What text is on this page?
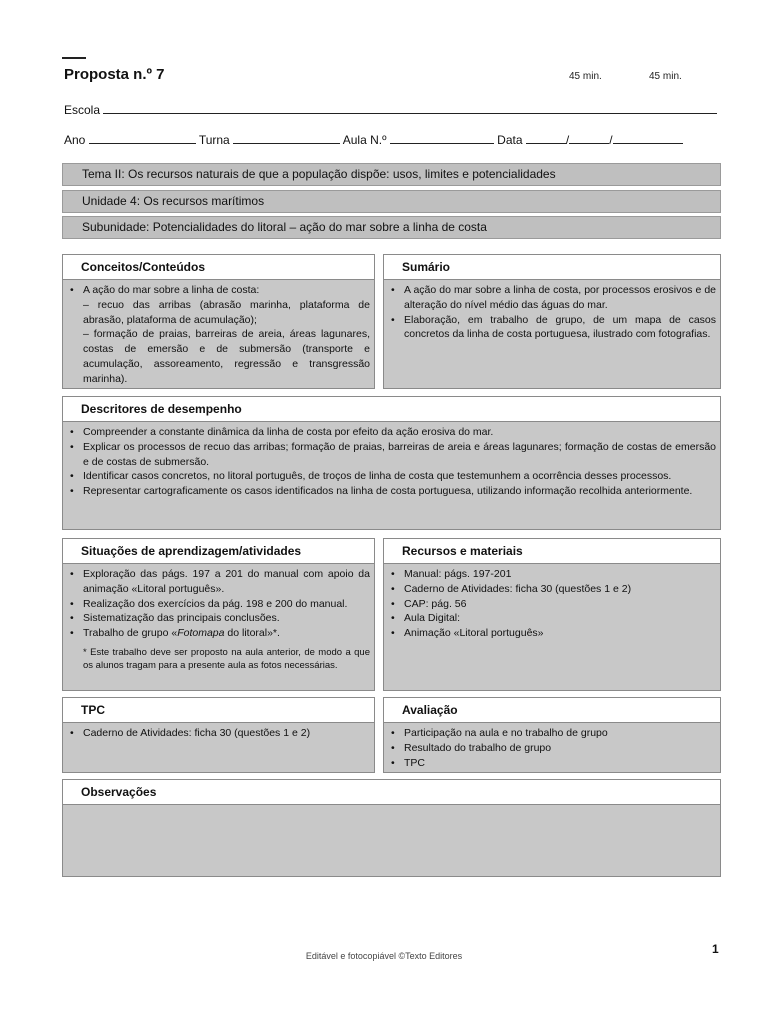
Proposta n.º 7	45 min.	45 min.
Escola
Ano	Turna	Aula N.º	Data	/	/
Tema II: Os recursos naturais de que a população dispõe: usos, limites e potencialidades
Unidade 4: Os recursos marítimos
Subunidade: Potencialidades do litoral – ação do mar sobre a linha de costa
Conceitos/Conteúdos
• A ação do mar sobre a linha de costa:
– recuo das arribas (abrasão marinha, plataforma de abrasão, plataforma de acumulação);
– formação de praias, barreiras de areia, áreas lagunares, costas de emersão e de submersão (transporte e acumulação, assoreamento, regressão e transgressão marinha).
Sumário
• A ação do mar sobre a linha de costa, por processos erosivos e de alteração do nível médio das águas do mar.
• Elaboração, em trabalho de grupo, de um mapa de casos concretos da linha de costa portuguesa, ilustrado com fotografias.
Descritores de desempenho
• Compreender a constante dinâmica da linha de costa por efeito da ação erosiva do mar.
• Explicar os processos de recuo das arribas; formação de praias, barreiras de areia e áreas lagunares; formação de costas de emersão e de costas de submersão.
• Identificar casos concretos, no litoral português, de troços de linha de costa que testemunhem a ocorrência desses processos.
• Representar cartograficamente os casos identificados na linha de costa portuguesa, utilizando informação recolhida anteriormente.
Situações de aprendizagem/atividades
• Exploração das págs. 197 a 201 do manual com apoio da animação «Litoral português».
• Realização dos exercícios da pág. 198 e 200 do manual.
• Sistematização das principais conclusões.
• Trabalho de grupo «Fotomapa do litoral»*.
* Este trabalho deve ser proposto na aula anterior, de modo a que os alunos tragam para a presente aula as fotos necessárias.
Recursos e materiais
• Manual: págs. 197-201
• Caderno de Atividades: ficha 30 (questões 1 e 2)
• CAP: pág. 56
• Aula Digital:
• Animação «Litoral português»
TPC
• Caderno de Atividades: ficha 30 (questões 1 e 2)
Avaliação
• Participação na aula e no trabalho de grupo
• Resultado do trabalho de grupo
• TPC
Observações
1
Editável e fotocopiável ©Texto Editores
